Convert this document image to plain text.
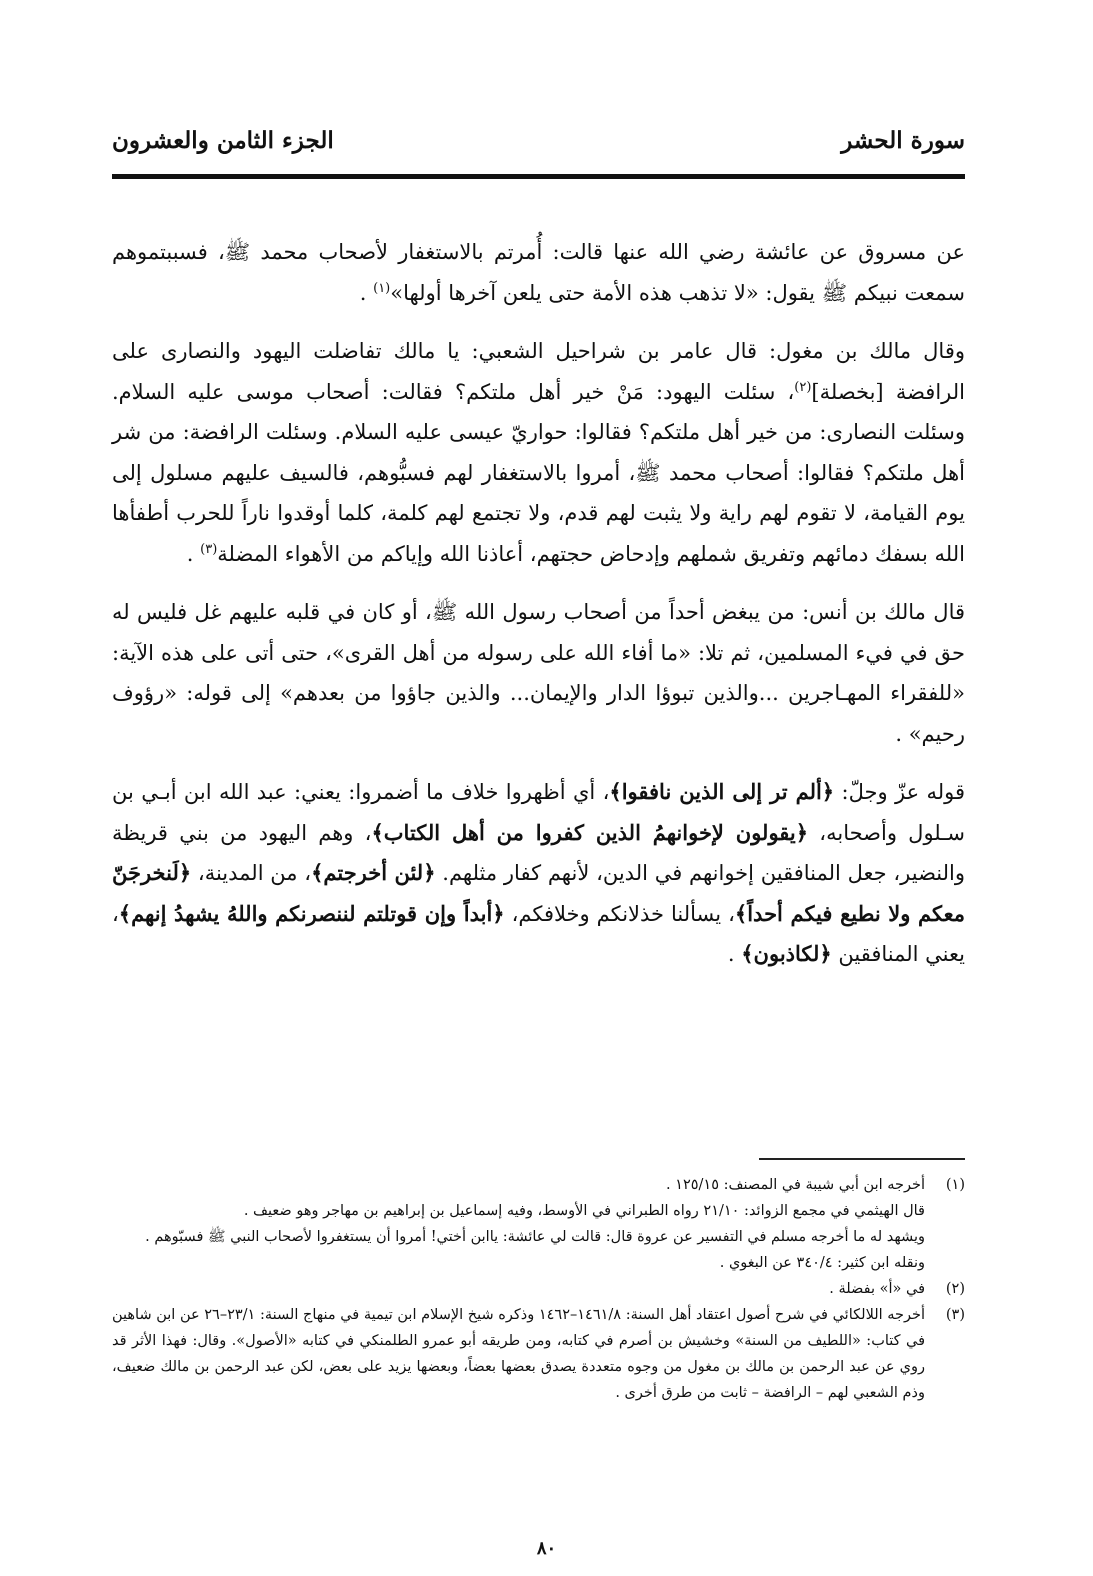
سورة الحشر
الجزء الثامن والعشرون

عن مسروق عن عائشة رضي الله عنها قالت: أُمرتم بالاستغفار لأصحاب محمد ﷺ، فسببتموهم سمعت نبيكم ﷺ يقول: «لا تذهب هذه الأمة حتى يلعن آخرها أولها»$^{(١)}$ .

وقال مالك بن مغول: قال عامر بن شراحيل الشعبي: يا مالك تفاضلت اليهود والنصارى على الرافضة [بخصلة]$^{(٢)}$، سئلت اليهود: مَنْ خير أهل ملتكم؟ فقالت: أصحاب موسى عليه السلام. وسئلت النصارى: من خير أهل ملتكم؟ فقالوا: حواريّ عيسى عليه السلام. وسئلت الرافضة: من شر أهل ملتكم؟ فقالوا: أصحاب محمد ﷺ، أمروا بالاستغفار لهم فسبُّوهم، فالسيف عليهم مسلول إلى يوم القيامة، لا تقوم لهم راية ولا يثبت لهم قدم، ولا تجتمع لهم كلمة، كلما أوقدوا ناراً للحرب أطفأها الله بسفك دمائهم وتفريق شملهم وإدحاض حجتهم، أعاذنا الله وإياكم من الأهواء المضلة$^{(٣)}$ .

قال مالك بن أنس: من يبغض أحداً من أصحاب رسول الله ﷺ، أو كان في قلبه عليهم غل فليس له حق في فيء المسلمين، ثم تلا: «ما أفاء الله على رسوله من أهل القرى»، حتى أتى على هذه الآية: «للفقراء المهـاجرين ...والذين تبوؤا الدار والإيمان... والذين جاؤوا من بعدهم» إلى قوله: «رؤوف رحيم» .

قوله عزّ وجلّ: ﴿ألم تر إلى الذين نافقوا﴾، أي أظهروا خلاف ما أضمروا: يعني: عبد الله ابن أبـي بن سـلول وأصحابه، ﴿يقولون لإخوانهمُ الذين كفروا من أهل الكتاب﴾، وهم اليهود من بني قريظة والنضير، جعل المنافقين إخوانهم في الدين، لأنهم كفار مثلهم. ﴿لئن أخرجتم﴾، من المدينة، ﴿لَنخرجَنّ معكم ولا نطيع فيكم أحداً﴾، يسألنا خذلانكم وخلافكم، ﴿أبداً وإن قوتلتم لننصرنكم واللهُ يشهدُ إنهم﴾، يعني المنافقين ﴿لكاذبون﴾ .

(١)
أخرجه ابن أبي شيبة في المصنف: ١٢٥/١٥ .
قال الهيثمي في مجمع الزوائد: ٢١/١٠ رواه الطبراني في الأوسط، وفيه إسماعيل بن إبراهيم بن مهاجر وهو ضعيف .
ويشهد له ما أخرجه مسلم في التفسير عن عروة قال: قالت لي عائشة: ياابن أختي! أمروا أن يستغفروا لأصحاب النبي ﷺ فسبّوهم .
ونقله ابن كثير: ٣٤٠/٤ عن البغوي .
(٢)
في «أ» بفضلة .
(٣)
أخرجه اللالكائي في شرح أصول اعتقاد أهل السنة: ١٤٦١/٨–١٤٦٢ وذكره شيخ الإسلام ابن تيمية في منهاج السنة: ٢٣/١–٢٦ عن ابن شاهين في كتاب: «اللطيف من السنة» وخشيش بن أصرم في كتابه، ومن طريقه أبو عمرو الطلمنكي في كتابه «الأصول». وقال: فهذا الأثر قد روي عن عبد الرحمن بن مالك بن مغول من وجوه متعددة يصدق بعضها بعضاً، وبعضها يزيد على بعض، لكن عبد الرحمن بن مالك ضعيف، وذم الشعبي لهم – الرافضة – ثابت من طرق أخرى .
٨٠
